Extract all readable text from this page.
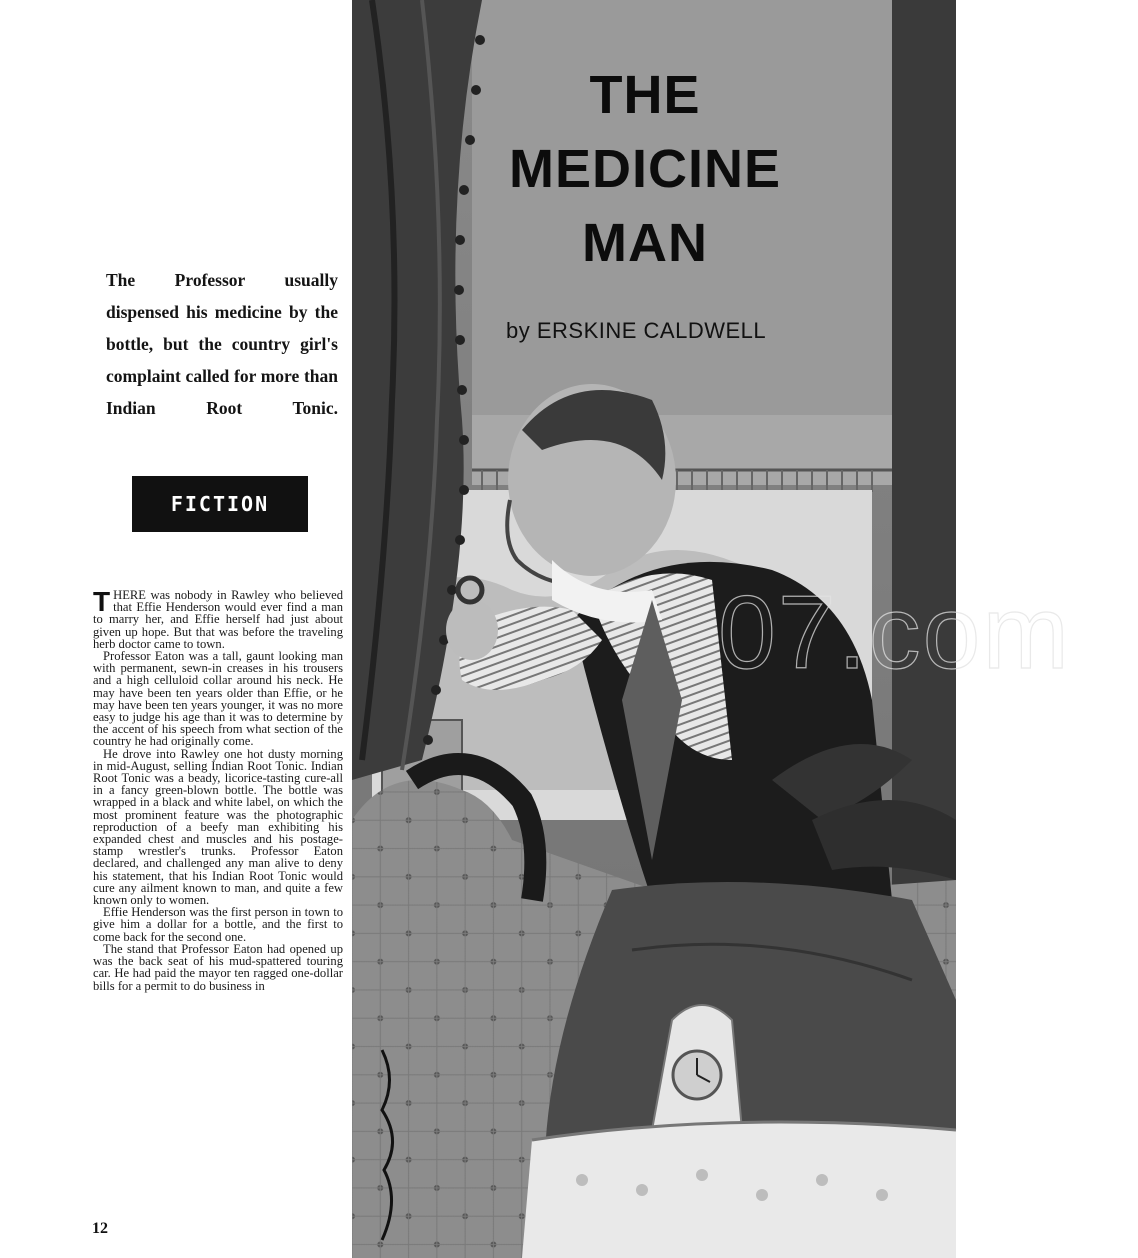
The Professor usually dispensed his medicine by the bottle, but the country girl's complaint called for more than Indian Root Tonic.
FICTION

THERE was nobody in Rawley who believed that Effie Henderson would ever find a man to marry her, and Effie herself had just about given up hope. But that was before the traveling herb doctor came to town.

Professor Eaton was a tall, gaunt looking man with permanent, sewn-in creases in his trousers and a high celluloid collar around his neck. He may have been ten years older than Effie, or he may have been ten years younger, it was no more easy to judge his age than it was to determine by the accent of his speech from what section of the country he had originally come.

He drove into Rawley one hot dusty morning in mid-August, selling Indian Root Tonic. Indian Root Tonic was a beady, licorice-tasting cure-all in a fancy green-blown bottle. The bottle was wrapped in a black and white label, on which the most prominent feature was the photographic reproduction of a beefy man exhibiting his expanded chest and muscles and his postage-stamp wrestler's trunks. Professor Eaton declared, and challenged any man alive to deny his statement, that his Indian Root Tonic would cure any ailment known to man, and quite a few known only to women.

Effie Henderson was the first person in town to give him a dollar for a bottle, and the first to come back for the second one.

The stand that Professor Eaton had opened up was the back seat of his mud-spattered touring car. He had paid the mayor ten ragged one-dollar bills for a permit to do business in

12
07.com
THE
MEDICINE
MAN
by ERSKINE CALDWELL
